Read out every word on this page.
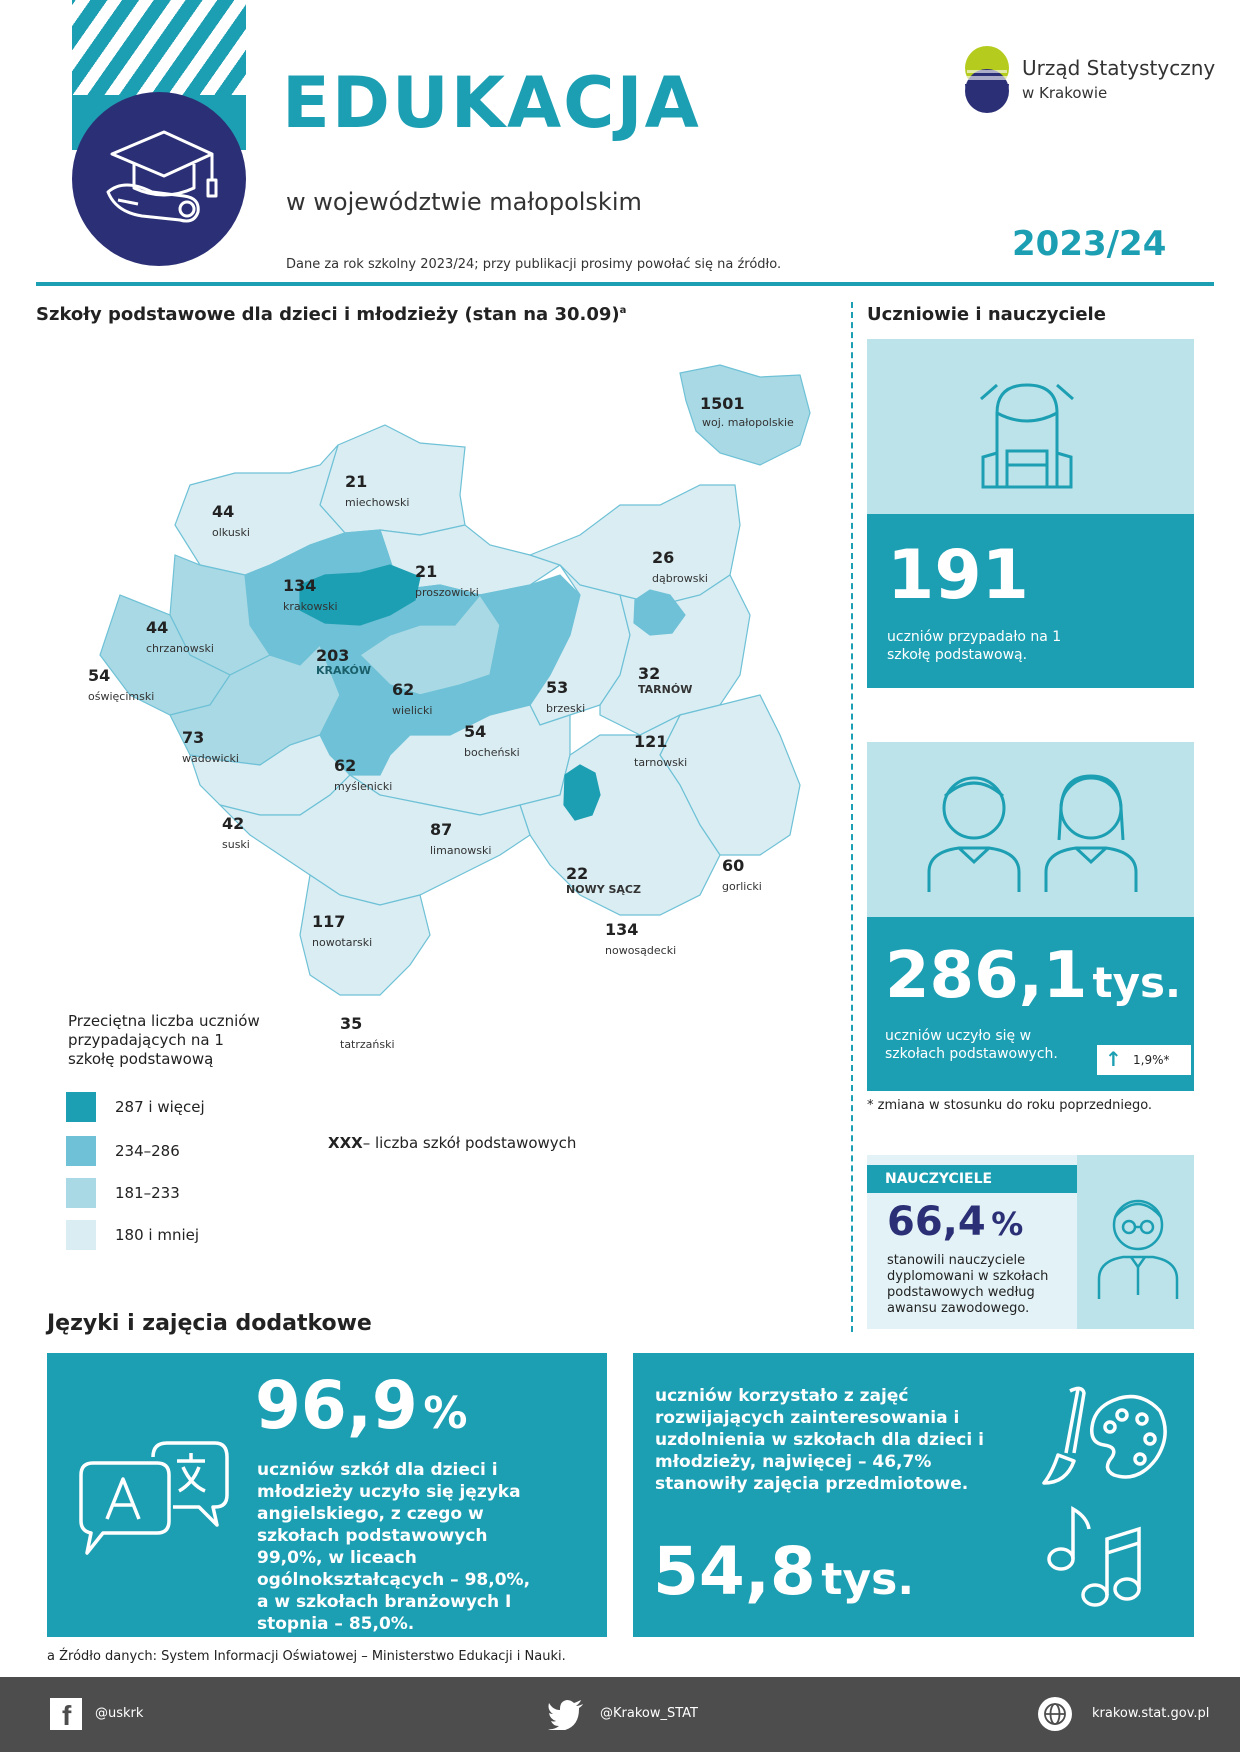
EDUKACJA
w województwie małopolskim
Dane za rok szkolny 2023/24; przy publikacji prosimy powołać się na źródło.
2023/24
Urząd Statystyczny
w Krakowie
Szkoły podstawowe dla dzieci i młodzieży (stan na 30.09)$^a$
1501
woj. małopolskie
21
miechowski
44
olkuski
134
krakowski
21
proszowicki
26
dąbrowski
44
chrzanowski	203
KRAKÓW
54
oświęcimski	62
wielicki
53
brzeski
32
TARNÓW
73
wadowicki
54
bocheński
121
tarnowski
62
myślenicki
42
suski
87
limanowski
22
NOWY SĄCZ
60
gorlicki
117
nowotarski
134
nowosądecki
35
tatrzański
Przeciętna liczba uczniów przypadających na 1 szkołę podstawową
287 i więcej
234–286
181–233
180 i mniej
XXX– liczba szkół podstawowych
Uczniowie i nauczyciele
191
uczniów przypadało na 1 szkołę podstawową.
286,1 tys.
uczniów uczyło się w szkołach podstawowych.	↑ 1,9%*
* zmiana w stosunku do roku poprzedniego.
NAUCZYCIELE
66,4 %
stanowili nauczyciele dyplomowani w szkołach podstawowych według awansu zawodowego.
Języki i zajęcia dodatkowe
96,9 %
uczniów szkół dla dzieci i młodzieży uczyło się języka angielskiego, z czego w szkołach podstawowych 99,0%, w liceach ogólnokształcących – 98,0%, a w szkołach branżowych I stopnia – 85,0%.
uczniów korzystało z zajęć rozwijających zainteresowania i uzdolnienia w szkołach dla dzieci i młodzieży, najwięcej – 46,7% stanowiły zajęcia przedmiotowe.
54,8 tys.
a Źródło danych: System Informacji Oświatowej – Ministerstwo Edukacji i Nauki.
f @uskrk	@Krakow_STAT	krakow.stat.gov.pl
